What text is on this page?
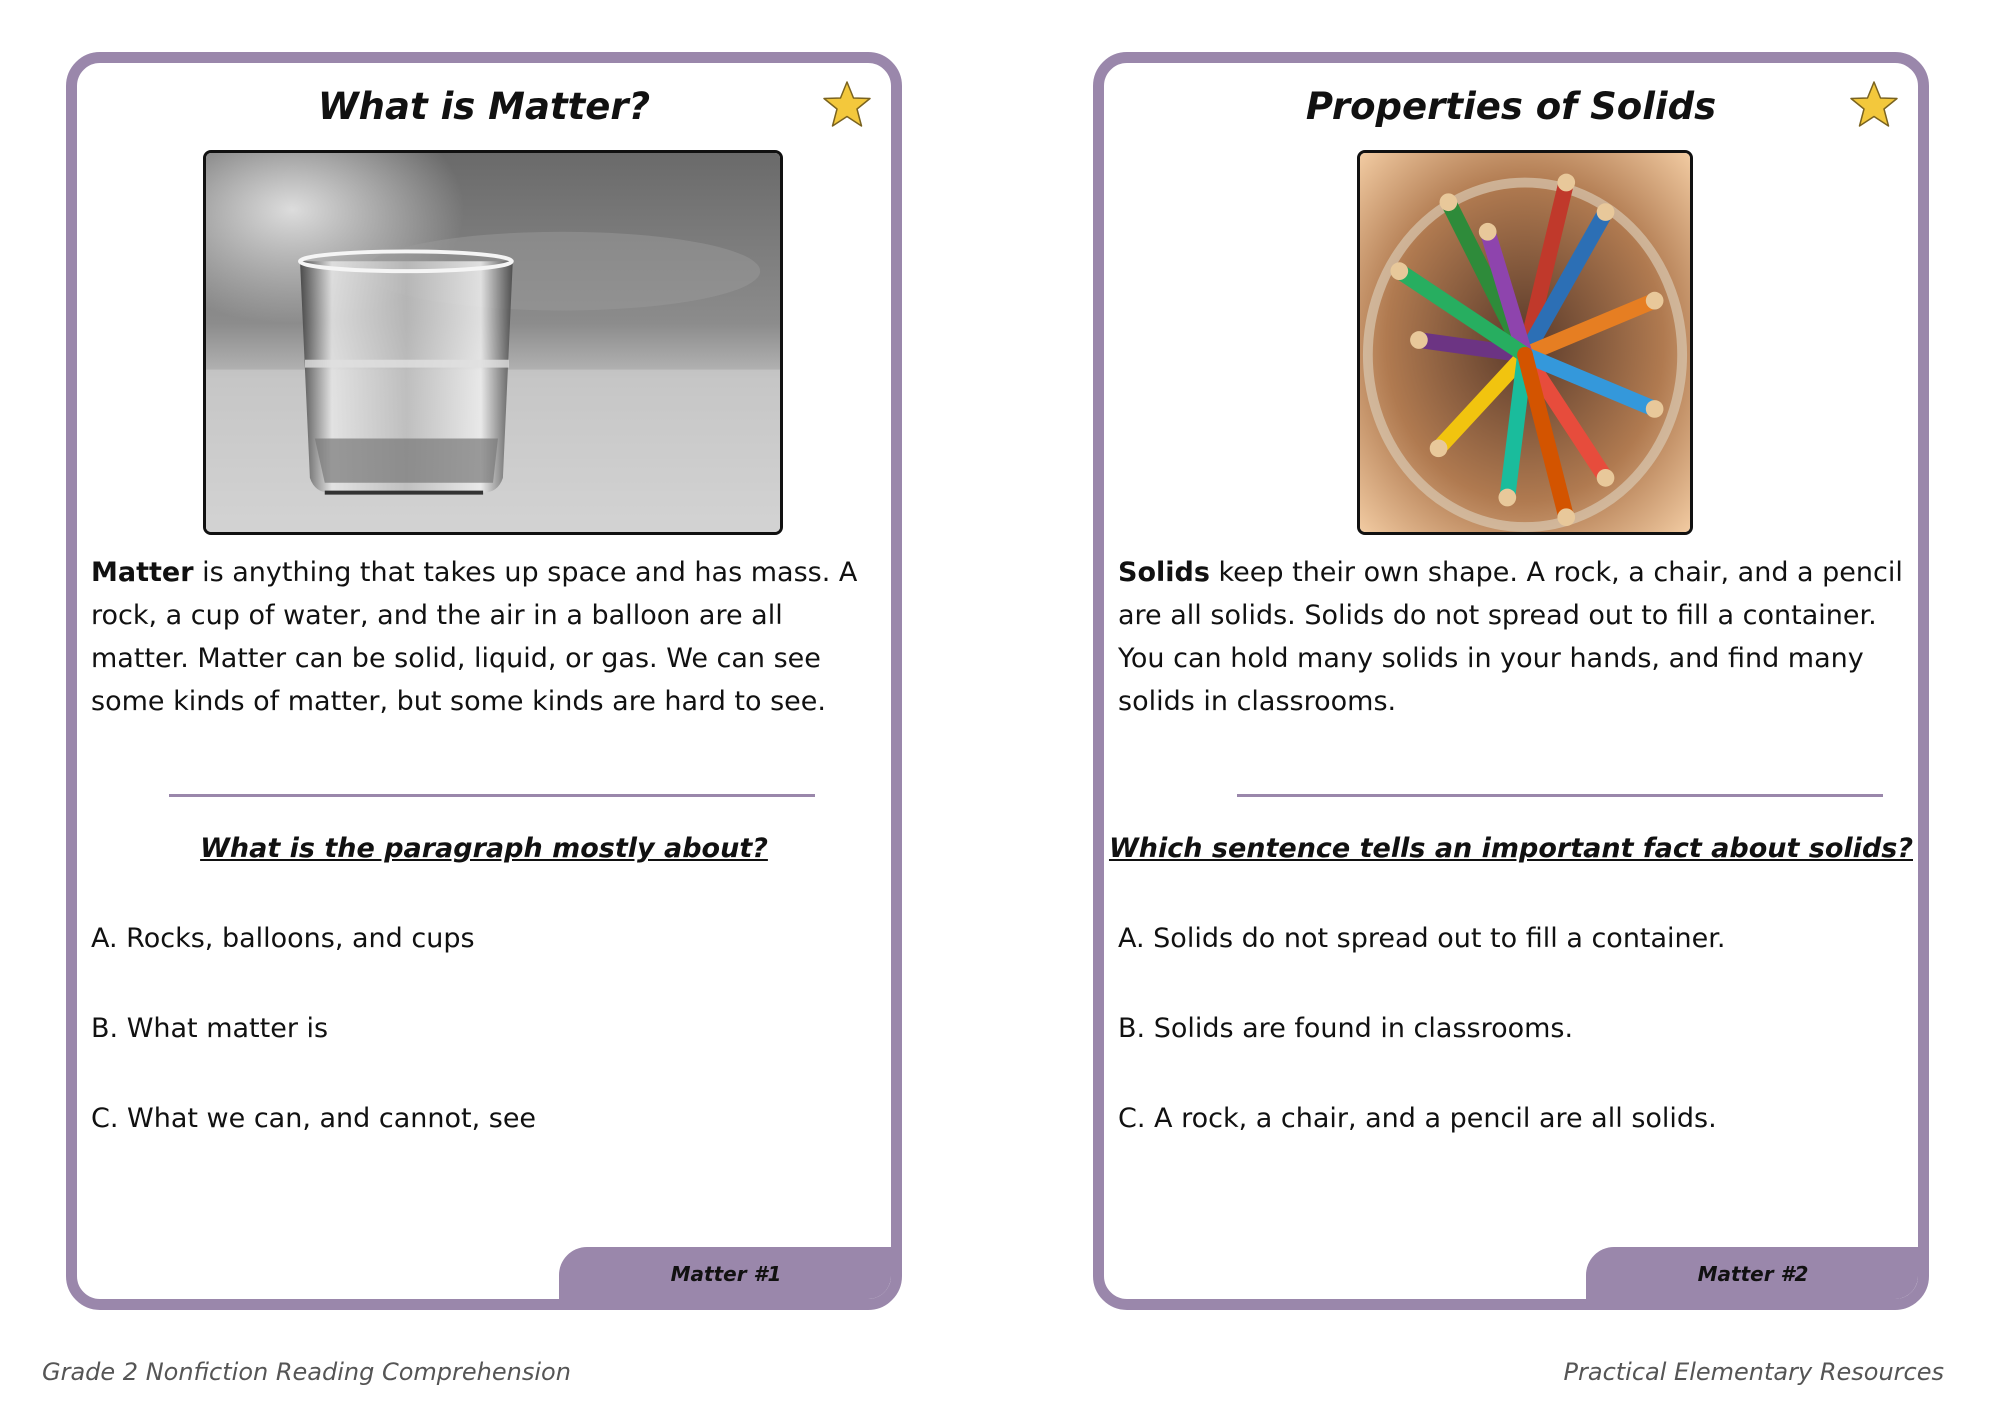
What is Matter?

Matter is anything that takes up space and has mass. A rock, a cup of water, and the air in a balloon are all matter. Matter can be solid, liquid, or gas. We can see some kinds of matter, but some kinds are hard to see.

What is the paragraph mostly about?

A. Rocks, balloons, and cups

B. What matter is

C. What we can, and cannot, see

Matter #1
Properties of Solids

Solids keep their own shape. A rock, a chair, and a pencil are all solids. Solids do not spread out to fill a container. You can hold many solids in your hands, and find many solids in classrooms.

Which sentence tells an important fact about solids?

A. Solids do not spread out to fill a container.

B. Solids are found in classrooms.

C. A rock, a chair, and a pencil are all solids.

Matter #2

Grade 2 Nonfiction Reading Comprehension	Practical Elementary Resources
